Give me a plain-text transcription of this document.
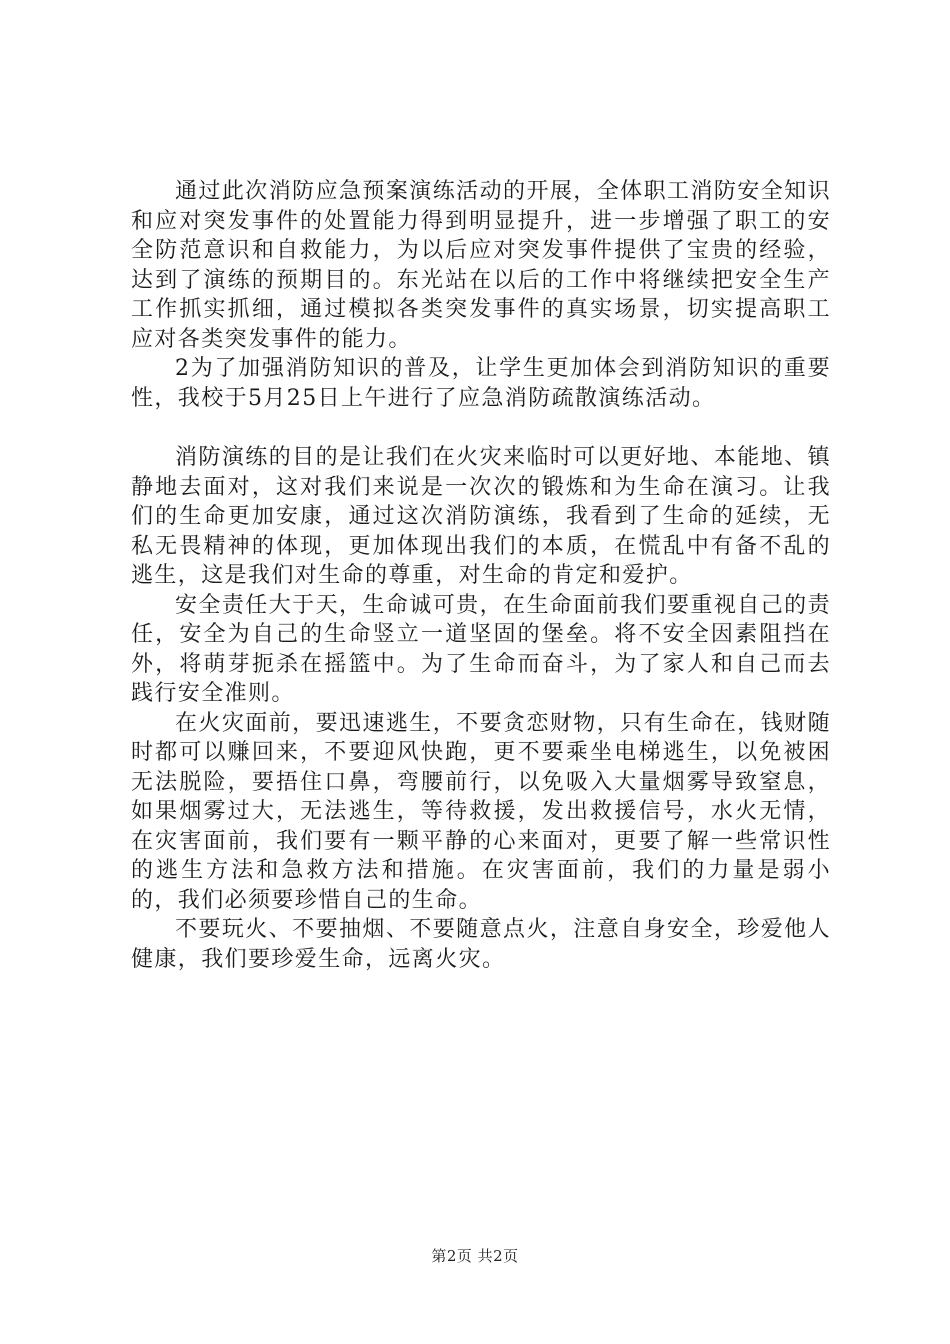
通过此次消防应急预案演练活动的开展，全体职工消防安全知识和应对突发事件的处置能力得到明显提升，进一步增强了职工的安全防范意识和自救能力，为以后应对突发事件提供了宝贵的经验，达到了演练的预期目的。东光站在以后的工作中将继续把安全生产工作抓实抓细，通过模拟各类突发事件的真实场景，切实提高职工应对各类突发事件的能力。

2为了加强消防知识的普及，让学生更加体会到消防知识的重要性，我校于5月25日上午进行了应急消防疏散演练活动。

消防演练的目的是让我们在火灾来临时可以更好地、本能地、镇静地去面对，这对我们来说是一次次的锻炼和为生命在演习。让我们的生命更加安康，通过这次消防演练，我看到了生命的延续，无私无畏精神的体现，更加体现出我们的本质，在慌乱中有备不乱的逃生，这是我们对生命的尊重，对生命的肯定和爱护。

安全责任大于天，生命诚可贵，在生命面前我们要重视自己的责任，安全为自己的生命竖立一道坚固的堡垒。将不安全因素阻挡在外，将萌芽扼杀在摇篮中。为了生命而奋斗，为了家人和自己而去践行安全准则。

在火灾面前，要迅速逃生，不要贪恋财物，只有生命在，钱财随时都可以赚回来，不要迎风快跑，更不要乘坐电梯逃生，以免被困无法脱险，要捂住口鼻，弯腰前行，以免吸入大量烟雾导致窒息，如果烟雾过大，无法逃生，等待救援，发出救援信号，水火无情，在灾害面前，我们要有一颗平静的心来面对，更要了解一些常识性的逃生方法和急救方法和措施。在灾害面前，我们的力量是弱小的，我们必须要珍惜自己的生命。

不要玩火、不要抽烟、不要随意点火，注意自身安全，珍爱他人健康，我们要珍爱生命，远离火灾。

第2页 共2页
